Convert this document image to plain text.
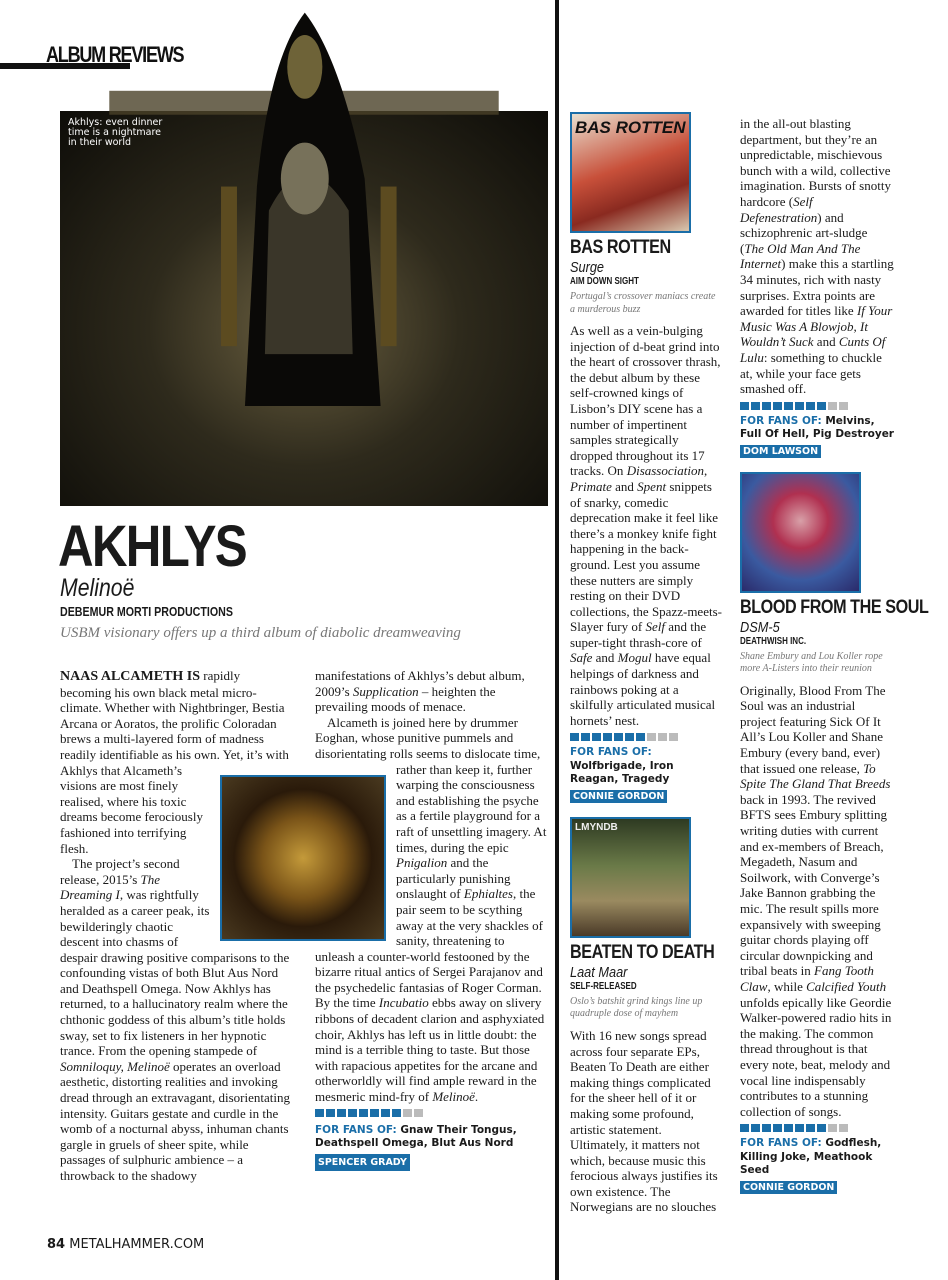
ALBUM REVIEWS
Akhlys: even dinner time is a nightmare in their world
AKHLYS
Melinoë
DEBEMUR MORTI PRODUCTIONS
USBM visionary offers up a third album of diabolic dreamweaving

NAAS ALCAMETH IS rapidly becoming his own black metal micro-climate. Whether with Nightbringer, Bestia Arcana or Aoratos, the prolific Coloradan brews a multi-layered form of madness readily identifiable as his own. Yet, it’s with Akhlys that Alcameth’s visions are most finely realised, where his toxic dreams become ferociously fashioned into terrifying flesh.

The project’s second release, 2015’s The Dreaming I, was rightfully heralded as a career peak, its bewilderingly chaotic descent into chasms of despair drawing positive comparisons to the confounding vistas of both Blut Aus Nord and Deathspell Omega. Now Akhlys has returned, to a hallucinatory realm where the chthonic goddess of this album’s title holds sway, set to fix listeners in her hypnotic trance. From the opening stampede of Somniloquy, Melinoë operates an overload aesthetic, distorting realities and invoking dread through an extravagant, disorientating intensity. Guitars gestate and curdle in the womb of a nocturnal abyss, inhuman chants gargle in gruels of sheer spite, while passages of sulphuric ambience – a throwback to the shadowy

manifestations of Akhlys’s debut album, 2009’s Supplication – heighten the prevailing moods of menace.

Alcameth is joined here by drummer Eoghan, whose punitive pummels and disorientating rolls seems to dislocate time, rather than keep it, further warping the consciousness and establishing the psyche as a fertile playground for a raft of unsettling imagery. At times, during the epic Pnigalion and the particularly punishing onslaught of Ephialtes, the pair seem to be scything away at the very shackles of sanity, threatening to unleash a counter-world festooned by the bizarre ritual antics of Sergei Parajanov and the psychedelic fantasias of Roger Corman. By the time Incubatio ebbs away on slivery ribbons of decadent clarion and asphyxiated choir, Akhlys has left us in little doubt: the mind is a terrible thing to taste. But those with rapacious appetites for the arcane and otherworldly will find ample reward in the mesmeric mind-fry of Melinoë.

FOR FANS OF: Gnaw Their Tongus, Deathspell Omega, Blut Aus Nord
SPENCER GRADY
BAS ROTTEN
BAS ROTTEN
Surge
AIM DOWN SIGHT
Portugal’s crossover maniacs create a murderous buzz

As well as a vein-bulging injection of d-beat grind into the heart of crossover thrash, the debut album by these self-crowned kings of Lisbon’s DIY scene has a number of impertinent samples strategically dropped throughout its 17 tracks. On Disassociation, Primate and Spent snippets of snarky, comedic deprecation make it feel like there’s a monkey knife fight happening in the back-ground. Lest you assume these nutters are simply resting on their DVD collections, the Spazz-meets-Slayer fury of Self and the super-tight thrash-core of Safe and Mogul have equal helpings of darkness and rainbows poking at a skilfully articulated musical hornets’ nest.

FOR FANS OF: Wolfbrigade, Iron Reagan, Tragedy
CONNIE GORDON
LMYNDB
BEATEN TO DEATH
Laat Maar
SELF-RELEASED
Oslo’s batshit grind kings line up quadruple dose of mayhem

With 16 new songs spread across four separate EPs, Beaten To Death are either making things complicated for the sheer hell of it or making some profound, artistic statement. Ultimately, it matters not which, because music this ferocious always justifies its own existence. The Norwegians are no slouches

in the all-out blasting department, but they’re an unpredictable, mischievous bunch with a wild, collective imagination. Bursts of snotty hardcore (Self Defenestration) and schizophrenic art-sludge (The Old Man And The Internet) make this a startling 34 minutes, rich with nasty surprises. Extra points are awarded for titles like If Your Music Was A Blowjob, It Wouldn’t Suck and Cunts Of Lulu: something to chuckle at, while your face gets smashed off.

FOR FANS OF: Melvins, Full Of Hell, Pig Destroyer
DOM LAWSON
BLOOD FROM THE SOUL
DSM-5
DEATHWISH INC.
Shane Embury and Lou Koller rope more A-Listers into their reunion

Originally, Blood From The Soul was an industrial project featuring Sick Of It All’s Lou Koller and Shane Embury (every band, ever) that issued one release, To Spite The Gland That Breeds back in 1993. The revived BFTS sees Embury splitting writing duties with current and ex-members of Breach, Megadeth, Nasum and Soilwork, with Converge’s Jake Bannon grabbing the mic. The result spills more expansively with sweeping guitar chords playing off circular downpicking and tribal beats in Fang Tooth Claw, while Calcified Youth unfolds epically like Geordie Walker-powered radio hits in the making. The common thread throughout is that every note, beat, melody and vocal line indispensably contributes to a stunning collection of songs.

FOR FANS OF: Godflesh, Killing Joke, Meathook Seed
CONNIE GORDON
84 METALHAMMER.COM
